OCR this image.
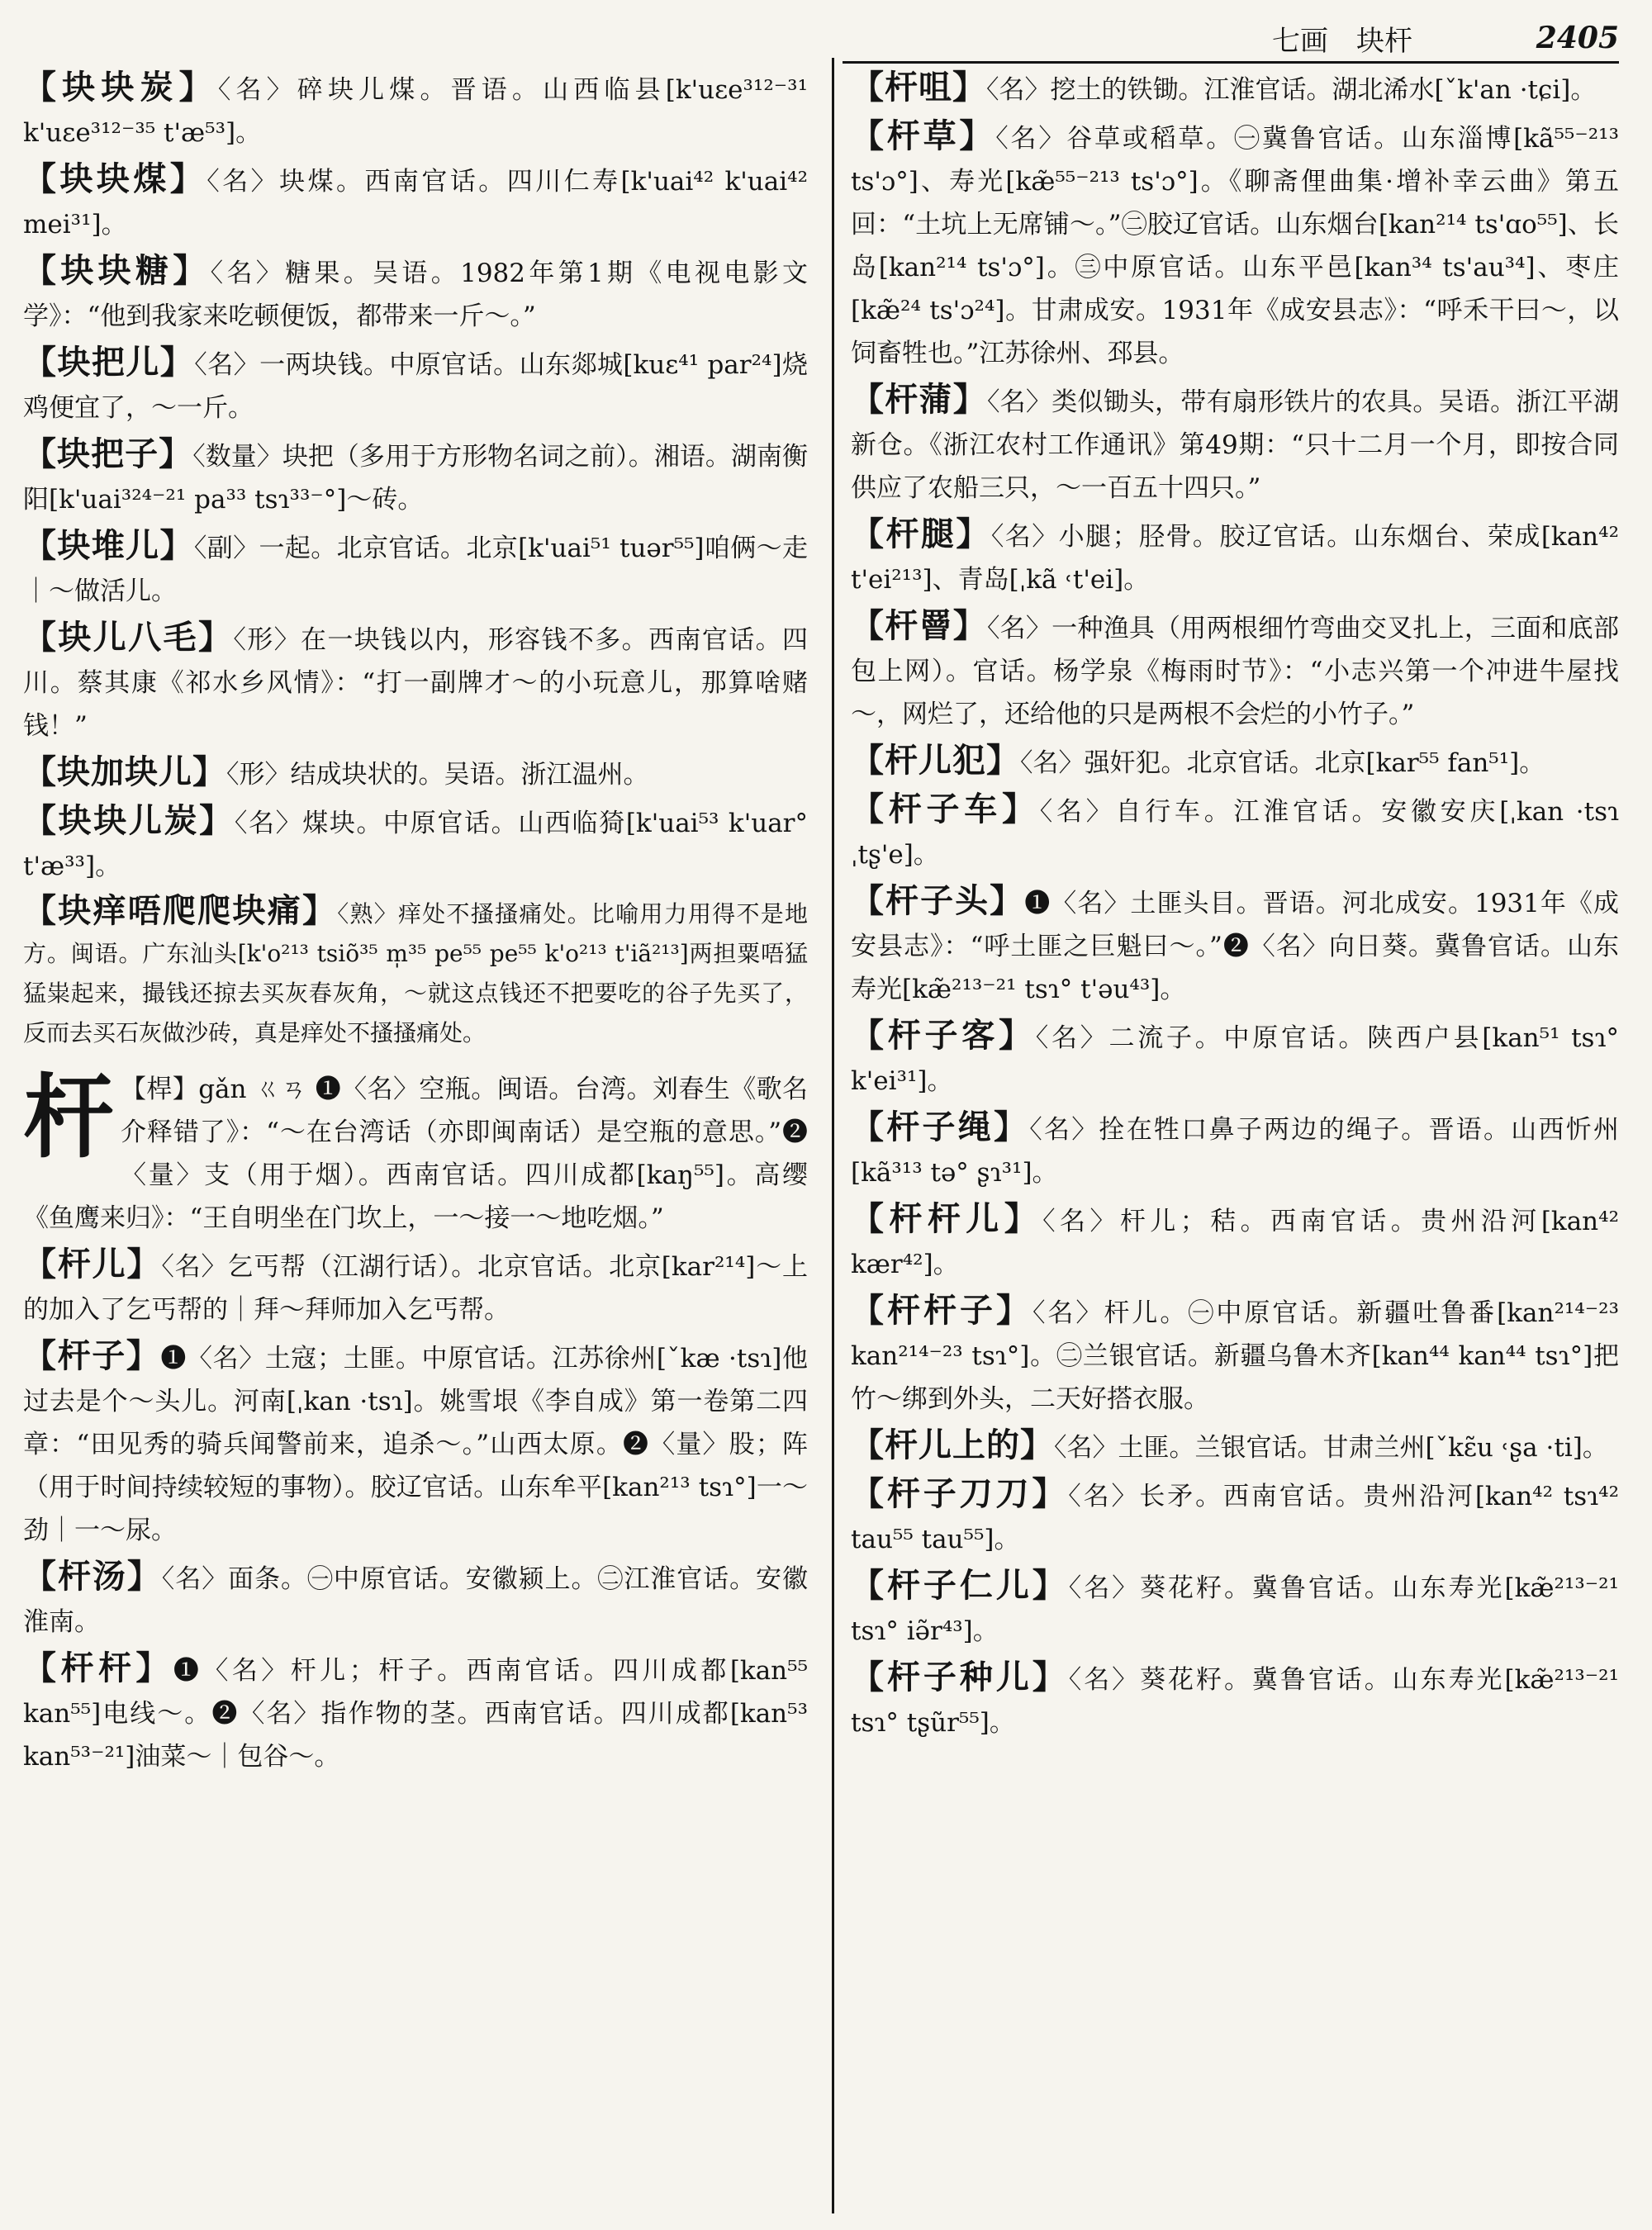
七画　块杆	2405
【块块炭】〈名〉碎块儿煤。晋语。山西临县[k'uɛe³¹²⁻³¹ k'uɛe³¹²⁻³⁵ t'æ⁵³]。
【块块煤】〈名〉块煤。西南官话。四川仁寿[k'uai⁴² k'uai⁴² mei³¹]。
【块块糖】〈名〉糖果。吴语。1982年第1期《电视电影文学》：“他到我家来吃顿便饭，都带来一斤～。”
【块把儿】〈名〉一两块钱。中原官话。山东郯城[kuɛ⁴¹ par²⁴]烧鸡便宜了，～一斤。
【块把子】〈数量〉块把（多用于方形物名词之前）。湘语。湖南衡阳[k'uai³²⁴⁻²¹ pa³³ tsɿ³³⁻°]～砖。
【块堆儿】〈副〉一起。北京官话。北京[k'uai⁵¹ tuər⁵⁵]咱俩～走｜～做活儿。
【块儿八毛】〈形〉在一块钱以内，形容钱不多。西南官话。四川。蔡其康《祁水乡风情》：“打一副牌才～的小玩意儿，那算啥赌钱！”
【块加块儿】〈形〉结成块状的。吴语。浙江温州。
【块块儿炭】〈名〉煤块。中原官话。山西临猗[k'uai⁵³ k'uar° t'æ³³]。
【块痒唔爬爬块痛】〈熟〉痒处不搔搔痛处。比喻用力用得不是地方。闽语。广东汕头[k'o²¹³ tsiõ³⁵ m̩³⁵ pe⁵⁵ pe⁵⁵ k'o²¹³ t'iã²¹³]两担粟唔猛猛粜起来，撮钱还掠去买灰春灰角，～就这点钱还不把要吃的谷子先买了，反而去买石灰做沙砖，真是痒处不搔搔痛处。
杆 【桿】gǎn ㄍㄢ ❶〈名〉空瓶。闽语。台湾。刘春生《歌名介释错了》：“～在台湾话（亦即闽南话）是空瓶的意思。”❷〈量〉支（用于烟）。西南官话。四川成都[kaŋ⁵⁵]。高缨《鱼鹰来归》：“王自明坐在门坎上，一～接一～地吃烟。”
【杆儿】〈名〉乞丐帮（江湖行话）。北京官话。北京[kar²¹⁴]～上的加入了乞丐帮的｜拜～拜师加入乞丐帮。
【杆子】❶〈名〉土寇；土匪。中原官话。江苏徐州[ˇkæ ·tsɿ]他过去是个～头儿。河南[ˌkan ·tsɿ]。姚雪垠《李自成》第一卷第二四章：“田见秀的骑兵闻警前来，追杀～。”山西太原。❷〈量〉股；阵（用于时间持续较短的事物）。胶辽官话。山东牟平[kan²¹³ tsɿ°]一～劲｜一～尿。
【杆汤】〈名〉面条。㊀中原官话。安徽颍上。㊁江淮官话。安徽淮南。
【杆杆】❶〈名〉杆儿；杆子。西南官话。四川成都[kan⁵⁵ kan⁵⁵]电线～。❷〈名〉指作物的茎。西南官话。四川成都[kan⁵³ kan⁵³⁻²¹]油菜～｜包谷～。
【杆咀】〈名〉挖土的铁锄。江淮官话。湖北浠水[ˇk'an ·tɕi]。
【杆草】〈名〉谷草或稻草。㊀冀鲁官话。山东淄博[kã⁵⁵⁻²¹³ ts'ɔ°]、寿光[kæ̃⁵⁵⁻²¹³ ts'ɔ°]。《聊斋俚曲集·增补幸云曲》第五回：“土坑上无席铺～。”㊁胶辽官话。山东烟台[kan²¹⁴ ts'ɑo⁵⁵]、长岛[kan²¹⁴ ts'ɔ°]。㊂中原官话。山东平邑[kan³⁴ ts'au³⁴]、枣庄[kæ̃²⁴ ts'ɔ²⁴]。甘肃成安。1931年《成安县志》：“呼禾干曰～，以饲畜牲也。”江苏徐州、邳县。
【杆蒲】〈名〉类似锄头，带有扇形铁片的农具。吴语。浙江平湖新仓。《浙江农村工作通讯》第49期：“只十二月一个月，即按合同供应了农船三只，～一百五十四只。”
【杆腿】〈名〉小腿；胫骨。胶辽官话。山东烟台、荣成[kan⁴² t'ei²¹³]、青岛[ˌkã ˓t'ei]。
【杆罾】〈名〉一种渔具（用两根细竹弯曲交叉扎上，三面和底部包上网）。官话。杨学泉《梅雨时节》：“小志兴第一个冲进牛屋找～，网烂了，还给他的只是两根不会烂的小竹子。”
【杆儿犯】〈名〉强奸犯。北京官话。北京[kar⁵⁵ fan⁵¹]。
【杆子车】〈名〉自行车。江淮官话。安徽安庆[ˌkan ·tsɿ ˌtʂ'e]。
【杆子头】❶〈名〉土匪头目。晋语。河北成安。1931年《成安县志》：“呼土匪之巨魁曰～。”❷〈名〉向日葵。冀鲁官话。山东寿光[kæ̃²¹³⁻²¹ tsɿ° t'əu⁴³]。
【杆子客】〈名〉二流子。中原官话。陕西户县[kan⁵¹ tsɿ° k'ei³¹]。
【杆子绳】〈名〉拴在牲口鼻子两边的绳子。晋语。山西忻州[kã³¹³ tə° ʂɿ³¹]。
【杆杆儿】〈名〉杆儿；秸。西南官话。贵州沿河[kan⁴² kær⁴²]。
【杆杆子】〈名〉杆儿。㊀中原官话。新疆吐鲁番[kan²¹⁴⁻²³ kan²¹⁴⁻²³ tsɿ°]。㊁兰银官话。新疆乌鲁木齐[kan⁴⁴ kan⁴⁴ tsɿ°]把竹～绑到外头，二天好搭衣服。
【杆儿上的】〈名〉土匪。兰银官话。甘肃兰州[ˇkɛ̃u ˓ʂa ·ti]。
【杆子刀刀】〈名〉长矛。西南官话。贵州沿河[kan⁴² tsɿ⁴² tau⁵⁵ tau⁵⁵]。
【杆子仁儿】〈名〉葵花籽。冀鲁官话。山东寿光[kæ̃²¹³⁻²¹ tsɿ° iə̃r⁴³]。
【杆子种儿】〈名〉葵花籽。冀鲁官话。山东寿光[kæ̃²¹³⁻²¹ tsɿ° tʂũr⁵⁵]。
